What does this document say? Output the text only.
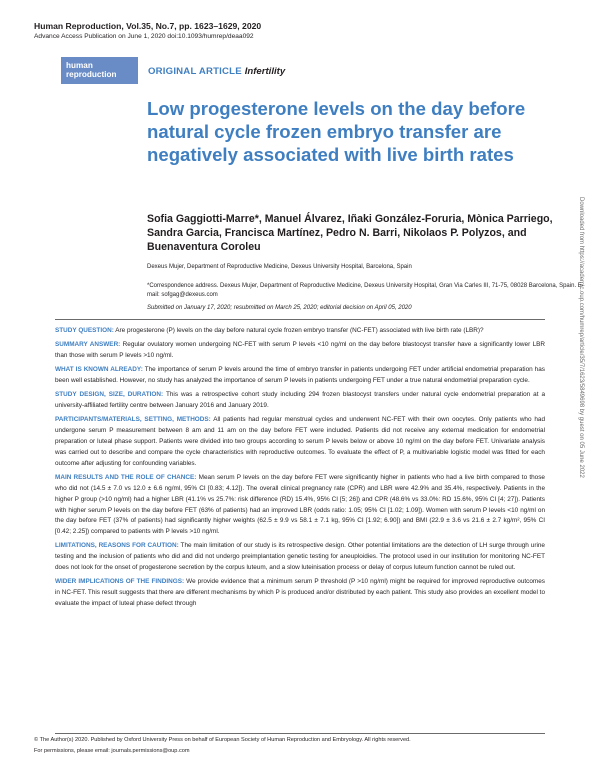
Human Reproduction, Vol.35, No.7, pp. 1623–1629, 2020
Advance Access Publication on June 1, 2020 doi:10.1093/humrep/deaa092
human
reproduction	ORIGINAL ARTICLE Infertility
Low progesterone levels on the day before natural cycle frozen embryo transfer are negatively associated with live birth rates

Sofia Gaggiotti-Marre*, Manuel Álvarez, Iñaki González-Foruria, Mònica Parriego, Sandra Garcia, Francisca Martínez, Pedro N. Barri, Nikolaos P. Polyzos, and Buenaventura Coroleu

Dexeus Mujer, Department of Reproductive Medicine, Dexeus University Hospital, Barcelona, Spain

*Correspondence address. Dexeus Mujer, Department of Reproductive Medicine, Dexeus University Hospital, Gran Via Carles III, 71-75, 08028 Barcelona, Spain. E-mail: sofgag@dexeus.com

Submitted on January 17, 2020; resubmitted on March 25, 2020; editorial decision on April 05, 2020

STUDY QUESTION: Are progesterone (P) levels on the day before natural cycle frozen embryo transfer (NC-FET) associated with live birth rate (LBR)?

SUMMARY ANSWER: Regular ovulatory women undergoing NC-FET with serum P levels <10 ng/ml on the day before blastocyst transfer have a significantly lower LBR than those with serum P levels >10 ng/ml.

WHAT IS KNOWN ALREADY: The importance of serum P levels around the time of embryo transfer in patients undergoing FET under artificial endometrial preparation has been well established. However, no study has analyzed the importance of serum P levels in patients undergoing FET under a true natural endometrial preparation cycle.

STUDY DESIGN, SIZE, DURATION: This was a retrospective cohort study including 294 frozen blastocyst transfers under natural cycle endometrial preparation at a university-affiliated fertility centre between January 2016 and January 2019.

PARTICIPANTS/MATERIALS, SETTING, METHODS: All patients had regular menstrual cycles and underwent NC-FET with their own oocytes. Only patients who had undergone serum P measurement between 8 am and 11 am on the day before FET were included. Patients did not receive any external medication for endometrial preparation or luteal phase support. Patients were divided into two groups according to serum P levels below or above 10 ng/ml on the day before FET. Univariate analysis was carried out to describe and compare the cycle characteristics with reproductive outcomes. To evaluate the effect of P, a multivariable logistic model was fitted for each outcome after adjusting for confounding variables.

MAIN RESULTS AND THE ROLE OF CHANCE: Mean serum P levels on the day before FET were significantly higher in patients who had a live birth compared to those who did not (14.5 ± 7.0 vs 12.0 ± 6.6 ng/ml, 95% CI [0.83; 4.12]). The overall clinical pregnancy rate (CPR) and LBR were 42.9% and 35.4%, respectively. Patients in the higher P group (>10 ng/ml) had a higher LBR (41.1% vs 25.7%: risk difference (RD) 15.4%, 95% CI [5; 26]) and CPR (48.6% vs 33.0%: RD 15.6%, 95% CI [4; 27]). Patients with higher serum P levels on the day before FET (63% of patients) had an improved LBR (odds ratio: 1.05; 95% CI [1.02; 1.09]). Women with serum P levels <10 ng/ml on the day before FET (37% of patients) had significantly higher weights (62.5 ± 9.9 vs 58.1 ± 7.1 kg, 95% CI [1.92; 6.90]) and BMI (22.9 ± 3.6 vs 21.6 ± 2.7 kg/m², 95% CI [0.42; 2.25]) compared to patients with P levels >10 ng/ml.

LIMITATIONS, REASONS FOR CAUTION: The main limitation of our study is its retrospective design. Other potential limitations are the detection of LH surge through urine testing and the inclusion of patients who did and did not undergo preimplantation genetic testing for aneuploidies. The protocol used in our institution for monitoring NC-FET does not look for the onset of progesterone secretion by the corpus luteum, and a slow luteinisation process or delay of corpus luteum function cannot be ruled out.

WIDER IMPLICATIONS OF THE FINDINGS: We provide evidence that a minimum serum P threshold (P >10 ng/ml) might be required for improved reproductive outcomes in NC-FET. This result suggests that there are different mechanisms by which P is produced and/or distributed by each patient. This study also provides an excellent model to evaluate the impact of luteal phase defect through

Downloaded from https://academic.oup.com/humrep/article/35/7/1623/5849698 by guest on 05 June 2022

© The Author(s) 2020. Published by Oxford University Press on behalf of European Society of Human Reproduction and Embryology. All rights reserved.

For permissions, please email: journals.permissions@oup.com
